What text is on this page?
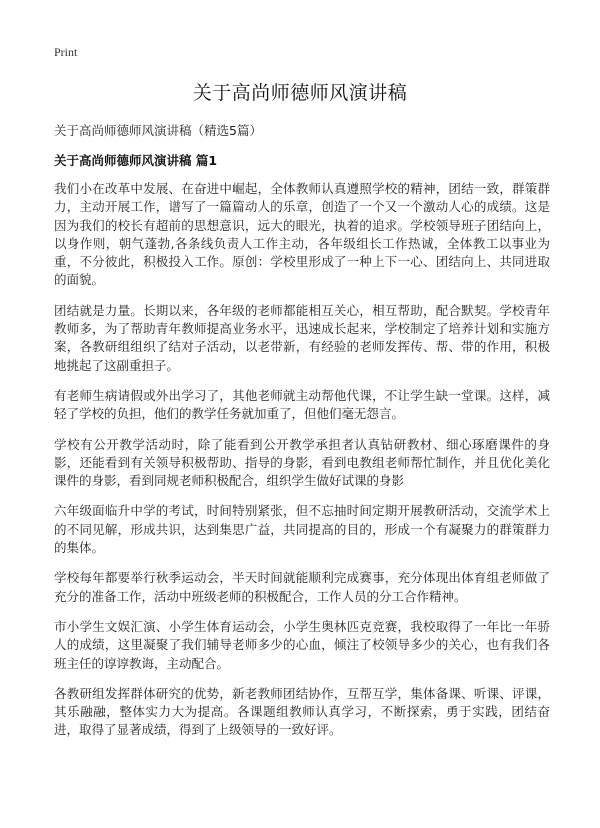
Print
关于高尚师德师风演讲稿
关于高尚师德师风演讲稿（精选5篇）
关于高尚师德师风演讲稿 篇1

我们小在改革中发展、在奋进中崛起，全体教师认真遵照学校的精神，团结一致，群策群力，主动开展工作，谱写了一篇篇动人的乐章，创造了一个又一个激动人心的成绩。这是因为我们的校长有超前的思想意识，远大的眼光，执着的追求。学校领导班子团结向上，以身作则，朝气蓬勃,各条线负责人工作主动，各年级组长工作热诚，全体教工以事业为重，不分彼此，积极投入工作。原创：学校里形成了一种上下一心、团结向上、共同进取的面貌。

团结就是力量。长期以来，各年级的老师都能相互关心，相互帮助，配合默契。学校青年教师多，为了帮助青年教师提高业务水平，迅速成长起来，学校制定了培养计划和实施方案，各教研组组织了结对子活动，以老带新，有经验的老师发挥传、帮、带的作用，积极地挑起了这副重担子。

有老师生病请假或外出学习了，其他老师就主动帮他代课，不让学生缺一堂课。这样，减轻了学校的负担，他们的教学任务就加重了，但他们毫无怨言。

学校有公开教学活动时，除了能看到公开教学承担者认真钻研教材、细心琢磨课件的身影，还能看到有关领导积极帮助、指导的身影，看到电教组老师帮忙制作，并且优化美化课件的身影，看到同规老师积极配合，组织学生做好试课的身影

六年级面临升中学的考试，时间特别紧张，但不忘抽时间定期开展教研活动，交流学术上的不同见解，形成共识，达到集思广益，共同提高的目的，形成一个有凝聚力的群策群力的集体。

学校每年都要举行秋季运动会，半天时间就能顺利完成赛事，充分体现出体育组老师做了充分的准备工作，活动中班级老师的积极配合，工作人员的分工合作精神。

市小学生文娱汇演、小学生体育运动会，小学生奥林匹克竞赛，我校取得了一年比一年骄人的成绩，这里凝聚了我们辅导老师多少的心血，倾注了校领导多少的关心，也有我们各班主任的谆谆教诲，主动配合。

各教研组发挥群体研究的优势，新老教师团结协作，互帮互学，集体备课、听课、评课，其乐融融，整体实力大为提高。各课题组教师认真学习，不断探索，勇于实践，团结奋进，取得了显著成绩，得到了上级领导的一致好评。
